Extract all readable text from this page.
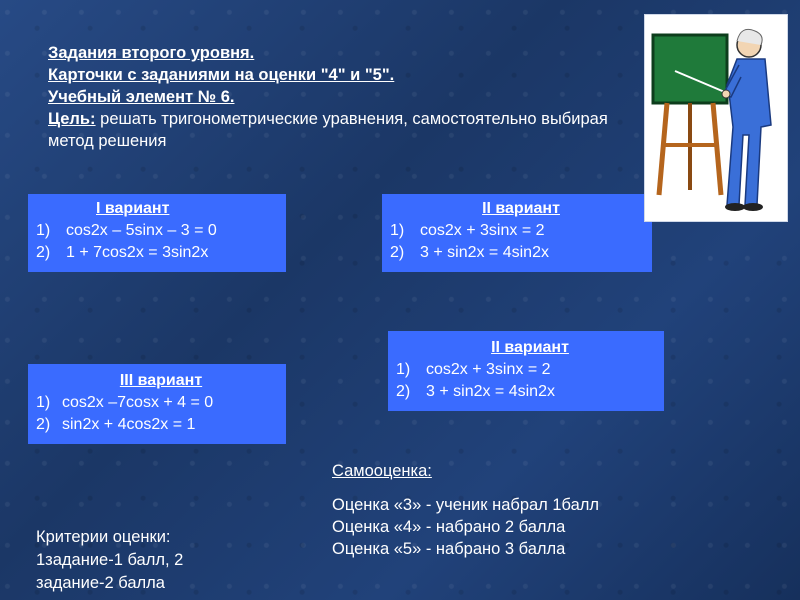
Задания второго уровня.
Карточки с заданиями на оценки "4" и "5".
Учебный элемент № 6.
Цель: решать тригонометрические уравнения, самостоятельно выбирая метод решения
I вариант
1) cos2x – 5sinx – 3 = 0
2) 1 + 7cos2x = 3sin2x
II вариант
1) cos2x + 3sinx = 2
2) 3 + sin2x = 4sin2x
II вариант
1) cos2x + 3sinx = 2
2) 3 + sin2x = 4sin2x
III вариант
1) cos2x –7cosx + 4 = 0
2) sin2x + 4cos2x = 1
Самооценка:
Оценка «3» - ученик набрал 1балл
Оценка «4» - набрано 2 балла
Оценка «5» - набрано 3 балла
Критерии оценки: 1задание-1 балл, 2 задание-2 балла
